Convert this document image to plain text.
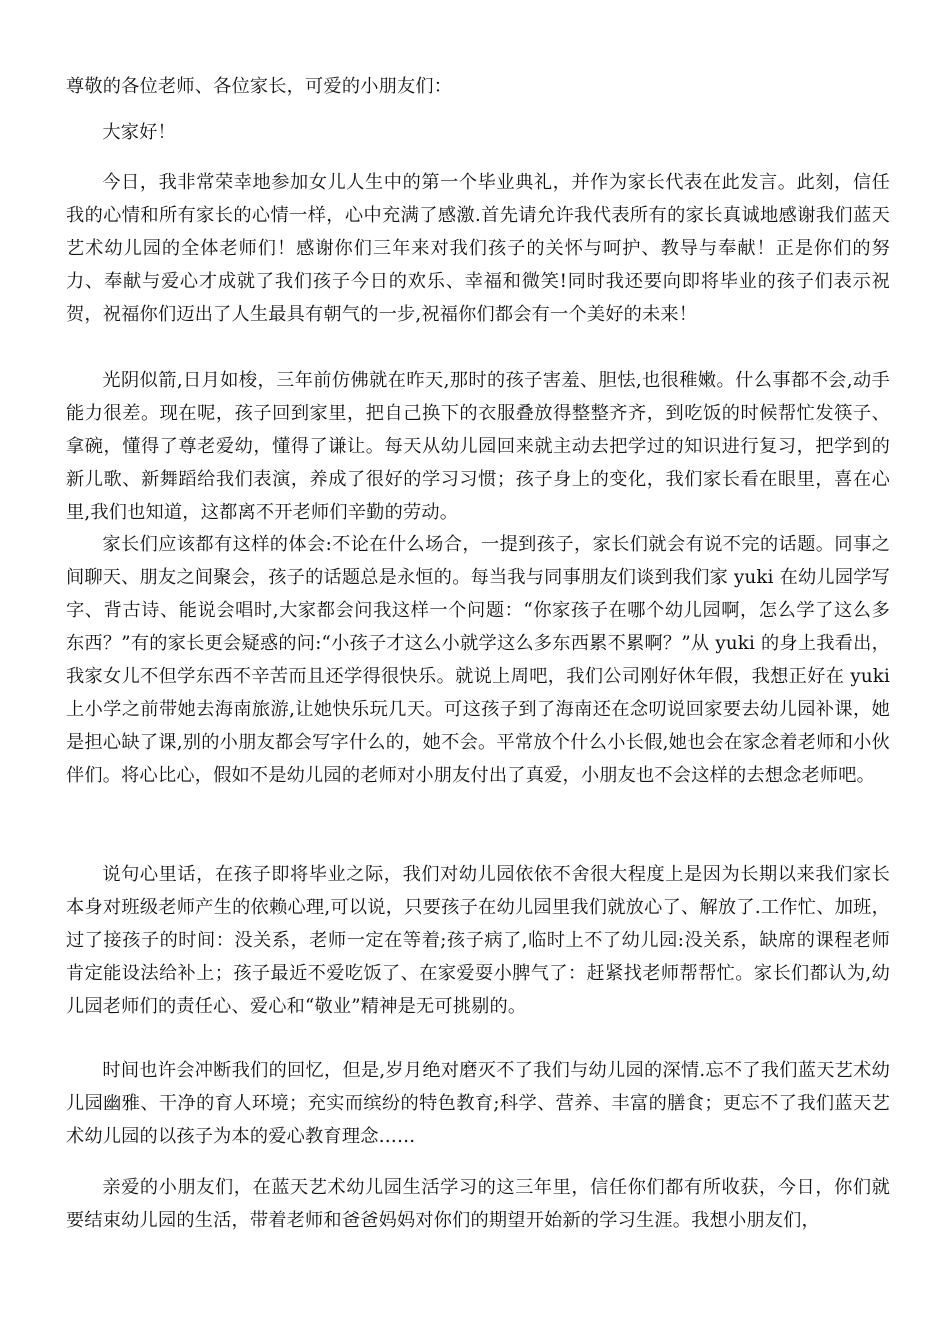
尊敬的各位老师、各位家长，可爱的小朋友们：

大家好！

今日，我非常荣幸地参加女儿人生中的第一个毕业典礼，并作为家长代表在此发言。此刻，信任我的心情和所有家长的心情一样，心中充满了感激.首先请允许我代表所有的家长真诚地感谢我们蓝天艺术幼儿园的全体老师们！感谢你们三年来对我们孩子的关怀与呵护、教导与奉献！正是你们的努力、奉献与爱心才成就了我们孩子今日的欢乐、幸福和微笑!同时我还要向即将毕业的孩子们表示祝贺，祝福你们迈出了人生最具有朝气的一步,祝福你们都会有一个美好的未来！

光阴似箭,日月如梭，三年前仿佛就在昨天,那时的孩子害羞、胆怯,也很稚嫩。什么事都不会,动手能力很差。现在呢，孩子回到家里，把自己换下的衣服叠放得整整齐齐，到吃饭的时候帮忙发筷子、拿碗，懂得了尊老爱幼，懂得了谦让。每天从幼儿园回来就主动去把学过的知识进行复习，把学到的新儿歌、新舞蹈给我们表演，养成了很好的学习习惯；孩子身上的变化，我们家长看在眼里，喜在心里,我们也知道，这都离不开老师们辛勤的劳动。

家长们应该都有这样的体会:不论在什么场合，一提到孩子，家长们就会有说不完的话题。同事之间聊天、朋友之间聚会，孩子的话题总是永恒的。每当我与同事朋友们谈到我们家 yuki 在幼儿园学写字、背古诗、能说会唱时,大家都会问我这样一个问题：“你家孩子在哪个幼儿园啊，怎么学了这么多东西？”有的家长更会疑惑的问:“小孩子才这么小就学这么多东西累不累啊？”从 yuki 的身上我看出，我家女儿不但学东西不辛苦而且还学得很快乐。就说上周吧，我们公司刚好休年假，我想正好在 yuki 上小学之前带她去海南旅游,让她快乐玩几天。可这孩子到了海南还在念叨说回家要去幼儿园补课，她是担心缺了课,别的小朋友都会写字什么的，她不会。平常放个什么小长假,她也会在家念着老师和小伙伴们。将心比心，假如不是幼儿园的老师对小朋友付出了真爱，小朋友也不会这样的去想念老师吧。

说句心里话，在孩子即将毕业之际，我们对幼儿园依依不舍很大程度上是因为长期以来我们家长本身对班级老师产生的依赖心理,可以说，只要孩子在幼儿园里我们就放心了、解放了.工作忙、加班，过了接孩子的时间：没关系，老师一定在等着;孩子病了,临时上不了幼儿园:没关系，缺席的课程老师肯定能设法给补上；孩子最近不爱吃饭了、在家爱耍小脾气了：赶紧找老师帮帮忙。家长们都认为,幼儿园老师们的责任心、爱心和“敬业”精神是无可挑剔的。

时间也许会冲断我们的回忆，但是,岁月绝对磨灭不了我们与幼儿园的深情.忘不了我们蓝天艺术幼儿园幽雅、干净的育人环境；充实而缤纷的特色教育;科学、营养、丰富的膳食；更忘不了我们蓝天艺术幼儿园的以孩子为本的爱心教育理念……

亲爱的小朋友们，在蓝天艺术幼儿园生活学习的这三年里，信任你们都有所收获，今日，你们就要结束幼儿园的生活，带着老师和爸爸妈妈对你们的期望开始新的学习生涯。我想小朋友们，
